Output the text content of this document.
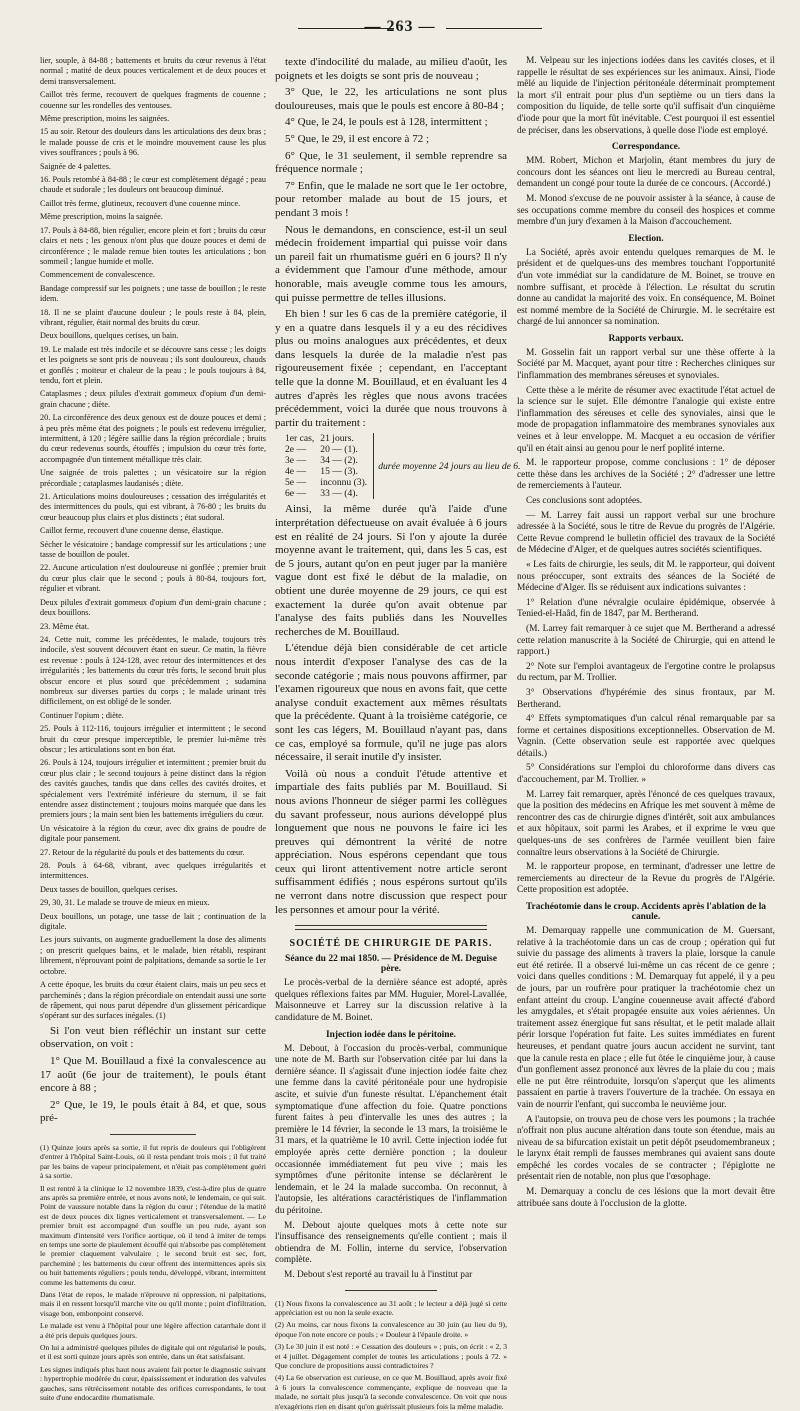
— 263 —

lier, souple, à 84-88 ; battements et bruits du cœur revenus à l'état normal ; matité de deux pouces verticalement et de deux pouces et demi transversalement.

Caillot très ferme, recouvert de quelques fragments de couenne ; couenne sur les rondelles des ventouses.

Même prescription, moins les saignées.

15 au soir. Retour des douleurs dans les articulations des deux bras ; le malade pousse de cris et le moindre mouvement cause les plus vives souffrances ; pouls à 96.

Saignée de 4 palettes.

16. Pouls retombé à 84-88 ; le cœur est complètement dégagé ; peau chaude et sudorale ; les douleurs ont beaucoup diminué.

Caillot très ferme, glutineux, recouvert d'une couenne mince.

Même prescription, moins la saignée.

17. Pouls à 84-88, bien régulier, encore plein et fort ; bruits du cœur clairs et nets ; les genoux n'ont plus que douze pouces et demi de circonférence ; le malade remue bien toutes les articulations ; bon sommeil ; langue humide et molle.

Commencement de convalescence.

Bandage compressif sur les poignets ; une tasse de bouillon ; le reste idem.

18. Il ne se plaint d'aucune douleur ; le pouls reste à 84, plein, vibrant, régulier, était normal des bruits du cœur.

Deux bouillons, quelques cerises, un bain.

19. Le malade est très indocile et se découvre sans cesse ; les doigts et les poignets se sont pris de nouveau ; ils sont douloureux, chauds et gonflés ; moiteur et chaleur de la peau ; le pouls toujours à 84, tendu, fort et plein.

Cataplasmes ; deux pilules d'extrait gommeux d'opium d'un demi-grain chacune ; diète.

20. La circonférence des deux genoux est de douze pouces et demi ; à peu près même état des poignets ; le pouls est redevenu irrégulier, intermittent, à 120 ; légère saillie dans la région précordiale ; bruits du cœur redevenus sourds, étouffés ; impulsion du cœur très forte, accompagnée d'un tintement métallique très clair.

Une saignée de trois palettes ; un vésicatoire sur la région précordiale ; cataplasmes laudanisés ; diète.

21. Articulations moins douloureuses ; cessation des irrégularités et des intermittences du pouls, qui est vibrant, à 76-80 ; les bruits du cœur beaucoup plus clairs et plus distincts ; état sudoral.

Caillot ferme, recouvert d'une couenne dense, élastique.

Sécher le vésicatoire ; bandage compressif sur les articulations ; une tasse de bouillon de poulet.

22. Aucune articulation n'est douloureuse ni gonflée ; premier bruit du cœur plus clair que le second ; pouls à 80-84, toujours fort, régulier et vibrant.

Deux pilules d'extrait gommeux d'opium d'un demi-grain chacune ; deux bouillons.

23. Même état.

24. Cette nuit, comme les précédentes, le malade, toujours très indocile, s'est souvent découvert étant en sueur. Ce matin, la fièvre est revenue : pouls à 124-128, avec retour des intermittences et des irrégularités ; les battements du cœur très forts, le second bruit plus obscur encore et plus sourd que précédemment ; sudamina nombreux sur diverses parties du corps ; le malade urinant très difficilement, on est obligé de le sonder.

Continuer l'opium ; diète.

25. Pouls à 112-116, toujours irrégulier et intermittent ; le second bruit du cœur presque imperceptible, le premier lui-même très obscur ; les articulations sont en bon état.

26. Pouls à 124, toujours irrégulier et intermittent ; premier bruit du cœur plus clair ; le second toujours à peine distinct dans la région des cavités gauches, tandis que dans celles des cavités droites, et spécialement vers l'extrémité inférieure du sternum, il se fait entendre assez distinctement ; toujours moins marquée que dans les premiers jours ; la main sent bien les battements irréguliers du cœur.

Un vésicatoire à la région du cœur, avec dix grains de poudre de digitale pour pansement.

27. Retour de la régularité du pouls et des battements du cœur.

28. Pouls à 64-68, vibrant, avec quelques irrégularités et intermittences.

Deux tasses de bouillon, quelques cerises.

29, 30, 31. Le malade se trouve de mieux en mieux.

Deux bouillons, un potage, une tasse de lait ; continuation de la digitale.

Les jours suivants, on augmente graduellement la dose des aliments ; on prescrit quelques bains, et le malade, bien rétabli, respirant librement, n'éprouvant point de palpitations, demande sa sortie le 1er octobre.

A cette époque, les bruits du cœur étaient clairs, mais un peu secs et parcheminés ; dans la région précordiale on entendait aussi une sorte de râpement, qui nous parut dépendre d'un glissement péricardique s'opérant sur des surfaces inégales. (1)

Si l'on veut bien réfléchir un instant sur cette observation, on voit :

1° Que M. Bouillaud a fixé la convalescence au 17 août (6e jour de traitement), le pouls étant encore à 88 ;

2° Que, le 19, le pouls était à 84, et que, sous pré-

(1) Quinze jours après sa sortie, il fut repris de douleurs qui l'obligèrent d'entrer à l'hôpital Saint-Louis, où il resta pendant trois mois ; il fut traité par les bains de vapeur principalement, et n'était pas complètement guéri à sa sortie.

Il est rentré à la clinique le 12 novembre 1839, c'est-à-dire plus de quatre ans après sa première entrée, et nous avons noté, le lendemain, ce qui suit. Point de vaussure notable dans la région du cœur ; l'étendue de la matité est de deux pouces dix lignes verticalement et transversalement. — Le premier bruit est accompagné d'un souffle un peu rude, ayant son maximum d'intensité vers l'orifice aortique, où il tend à imiter de temps en temps une sorte de piaulement écouffé qui n'absorbe pas complètement le premier claquement valvulaire ; le second bruit est sec, fort, parcheminé ; les battements du cœur offrent des intermittences après six ou huit battements réguliers ; pouls tendu, développé, vibrant, intermittent comme les battements du cœur.

Dans l'état de repos, le malade n'éprouve ni oppression, ni palpitations, mais il en ressent lorsqu'il marche vite ou qu'il monte ; point d'infiltration, visage bon, embonpoint conservé.

Le malade est venu à l'hôpital pour une légère affection catarrhale dont il a été pris depuis quelques jours.

On lui a administré quelques pilules de digitale qui ont régularisé le pouls, et il est sorti quinze jours après son entrée, dans un état satisfaisant.

Les signes indiqués plus haut nous avaient fait porter le diagnostic suivant : hypertrophie modérée du cœur, épaississement et induration des valvules gauches, sans rétrécissement notable des orifices correspondants, le tout suite d'une endocardite rhumatismale.

texte d'indocilité du malade, au milieu d'août, les poignets et les doigts se sont pris de nouveau ;

3° Que, le 22, les articulations ne sont plus douloureuses, mais que le pouls est encore à 80-84 ;

4° Que, le 24, le pouls est à 128, intermittent ;

5° Que, le 29, il est encore à 72 ;

6° Que, le 31 seulement, il semble reprendre sa fréquence normale ;

7° Enfin, que le malade ne sort que le 1er octobre, pour retomber malade au bout de 15 jours, et pendant 3 mois !

Nous le demandons, en conscience, est-il un seul médecin froidement impartial qui puisse voir dans un pareil fait un rhumatisme guéri en 6 jours? Il n'y a évidemment que l'amour d'une méthode, amour honorable, mais aveugle comme tous les amours, qui puisse permettre de telles illusions.

Eh bien ! sur les 6 cas de la première catégorie, il y en a quatre dans lesquels il y a eu des récidives plus ou moins analogues aux précédentes, et deux dans lesquels la durée de la maladie n'est pas rigoureusement fixée ; cependant, en l'acceptant telle que la donne M. Bouillaud, et en évaluant les 4 autres d'après les règles que nous avons tracées précédemment, voici la durée que nous trouvons à partir du traitement :

1er cas,	21 jours.	durée moyenne 24 jours au lieu de 6.
2e —	20 — (1).	
3e —	34 — (2).	
4e —	15 — (3).	
5e —	inconnu (3).	
6e —	33 — (4).	

Ainsi, la même durée qu'à l'aide d'une interprétation défectueuse on avait évaluée à 6 jours est en réalité de 24 jours. Si l'on y ajoute la durée moyenne avant le traitement, qui, dans les 5 cas, est de 5 jours, autant qu'on en peut juger par la manière vague dont est fixé le début de la maladie, on obtient une durée moyenne de 29 jours, ce qui est exactement la durée qu'on avait obtenue par l'analyse des faits publiés dans les Nouvelles recherches de M. Bouillaud.

L'étendue déjà bien considérable de cet article nous interdit d'exposer l'analyse des cas de la seconde catégorie ; mais nous pouvons affirmer, par l'examen rigoureux que nous en avons fait, que cette analyse conduit exactement aux mêmes résultats que la précédente. Quant à la troisième catégorie, ce sont les cas légers, M. Bouillaud n'ayant pas, dans ce cas, employé sa formule, qu'il ne juge pas alors nécessaire, il serait inutile d'y insister.

Voilà où nous a conduit l'étude attentive et impartiale des faits publiés par M. Bouillaud. Si nous avions l'honneur de siéger parmi les collègues du savant professeur, nous aurions développé plus longuement que nous ne pouvons le faire ici les preuves qui démontrent la vérité de notre appréciation. Nous espérons cependant que tous ceux qui liront attentivement notre article seront suffisamment édifiés ; nous espérons surtout qu'ils ne verront dans notre discussion que respect pour les personnes et amour pour la vérité.

SOCIÉTÉ DE CHIRURGIE DE PARIS.
Séance du 22 mai 1850. — Présidence de M. Deguise père.

Le procès-verbal de la dernière séance est adopté, après quelques réflexions faites par MM. Huguier, Morel-Lavallée, Maisonneuve et Larrey sur la discussion relative à la candidature de M. Boinet.

Injection iodée dans le péritoine.

M. Debout, à l'occasion du procès-verbal, communique une note de M. Barth sur l'observation citée par lui dans la dernière séance. Il s'agissait d'une injection iodée faite chez une femme dans la cavité péritonéale pour une hydropisie ascite, et suivie d'un funeste résultat. L'épanchement était symptomatique d'une affection du foie. Quatre ponctions furent faites à peu d'intervalle les unes des autres ; la première le 14 février, la seconde le 13 mars, la troisième le 31 mars, et la quatrième le 10 avril. Cette injection iodée fut employée après cette dernière ponction ; la douleur occasionnée immédiatement fut peu vive ; mais les symptômes d'une péritonite intense se déclarèrent le lendemain, et le 24 la malade succomba. On reconnut, à l'autopsie, les altérations caractéristiques de l'inflammation du péritoine.

M. Debout ajoute quelques mots à cette note sur l'insuffisance des renseignements qu'elle contient ; mais il obtiendra de M. Follin, interne du service, l'observation complète.

M. Debout s'est reporté au travail lu à l'institut par

(1) Nous fixons la convalescence au 31 août ; le lecteur a déjà jugé si cette appréciation est ou non la seule exacte.

(2) Au moins, car nous fixons la convalescence au 30 juin (au lieu du 9), époque l'on note encore ce pouls ; « Douleur à l'épaule droite. »

(3) Le 30 juin il est noté : « Cessation des douleurs » ; puis, on écrit : « 2, 3 et 4 juillet. Dégagement complet de toutes les articulations ; pouls à 72. » Que conclure de propositions aussi contradictoires ?

(4) La 6e observation est curieuse, en ce que M. Bouillaud, après avoir fixé à 6 jours la convalescence commençante, explique de nouveau que la malade, ne sortait plus jusqu'à la seconde convalescence. On voit que nous n'exagérions rien en disant qu'on guérissait plusieurs fois la même maladie.

M. Velpeau sur les injections iodées dans les cavités closes, et il rappelle le résultat de ses expériences sur les animaux. Ainsi, l'iode mêlé au liquide de l'injection péritonéale déterminait promptement la mort s'il entrait pour plus d'un septième ou un tiers dans la composition du liquide, de telle sorte qu'il suffisait d'un cinquième d'iode pour que la mort fût inévitable. C'est pourquoi il est essentiel de préciser, dans les observations, à quelle dose l'iode est employé.

Correspondance.

MM. Robert, Michon et Marjolin, étant membres du jury de concours dont les séances ont lieu le mercredi au Bureau central, demandent un congé pour toute la durée de ce concours. (Accordé.)

M. Monod s'excuse de ne pouvoir assister à la séance, à cause de ses occupations comme membre du conseil des hospices et comme membre d'un jury d'examen à la Maison d'accouchement.

Election.

La Société, après avoir entendu quelques remarques de M. le président et de quelques-uns des membres touchant l'opportunité d'un vote immédiat sur la candidature de M. Boinet, se trouve en nombre suffisant, et procède à l'élection. Le résultat du scrutin donne au candidat la majorité des voix. En conséquence, M. Boinet est nommé membre de la Société de Chirurgie. M. le secrétaire est chargé de lui annoncer sa nomination.

Rapports verbaux.

M. Gosselin fait un rapport verbal sur une thèse offerte à la Société par M. Macquet, ayant pour titre : Recherches cliniques sur l'inflammation des membranes séreuses et synoviales.

Cette thèse a le mérite de résumer avec exactitude l'état actuel de la science sur le sujet. Elle démontre l'analogie qui existe entre l'inflammation des séreuses et celle des synoviales, ainsi que le mode de propagation inflammatoire des membranes synoviales aux veines et à leur enveloppe. M. Macquet a eu occasion de vérifier qu'il en était ainsi au genou pour le nerf poplité interne.

M. le rapporteur propose, comme conclusions : 1° de déposer cette thèse dans les archives de la Société ; 2° d'adresser une lettre de remerciements à l'auteur.

Ces conclusions sont adoptées.

— M. Larrey fait aussi un rapport verbal sur une brochure adressée à la Société, sous le titre de Revue du progrès de l'Algérie. Cette Revue comprend le bulletin officiel des travaux de la Société de Médecine d'Alger, et de quelques autres sociétés scientifiques.

« Les faits de chirurgie, les seuls, dit M. le rapporteur, qui doivent nous préoccuper, sont extraits des séances de la Société de Médecine d'Alger. Ils se réduisent aux indications suivantes :

1° Relation d'une névralgie oculaire épidémique, observée à Tenied-el-Haâd, fin de 1847, par M. Bertherand.

(M. Larrey fait remarquer à ce sujet que M. Bertherand a adressé cette relation manuscrite à la Société de Chirurgie, qui en attend le rapport.)

2° Note sur l'emploi avantageux de l'ergotine contre le prolapsus du rectum, par M. Trollier.

3° Observations d'hypérémie des sinus frontaux, par M. Bertherand.

4° Effets symptomatiques d'un calcul rénal remarquable par sa forme et certaines dispositions exceptionnelles. Observation de M. Vagnin. (Cette observation seule est rapportée avec quelques détails.)

5° Considérations sur l'emploi du chloroforme dans divers cas d'accouchement, par M. Trollier. »

M. Larrey fait remarquer, après l'énoncé de ces quelques travaux, que la position des médecins en Afrique les met souvent à même de rencontrer des cas de chirurgie dignes d'intérêt, soit aux ambulances et aux hôpitaux, soit parmi les Arabes, et il exprime le vœu que quelques-uns de ses confrères de l'armée veuillent bien faire connaître leurs observations à la Société de Chirurgie.

M. le rapporteur propose, en terminant, d'adresser une lettre de remerciements au directeur de la Revue du progrès de l'Algérie. Cette proposition est adoptée.

Trachéotomie dans le croup. Accidents après l'ablation de la canule.

M. Demarquay rappelle une communication de M. Guersant, relative à la trachéotomie dans un cas de croup ; opération qui fut suivie du passage des aliments à travers la plaie, lorsque la canule eut été retirée. Il a observé lui-même un cas récent de ce genre ; voici dans quelles conditions : M. Demarquay fut appelé, il y a peu de jours, par un roufrère pour pratiquer la trachéotomie chez un enfant atteint du croup. L'angine couenneuse avait affecté d'abord les amygdales, et s'était propagée ensuite aux voies aériennes. Un traitement assez énergique fut sans résultat, et le petit malade allait périr lorsque l'opération fut faite. Les suites immédiates en furent heureuses, et pendant quatre jours aucun accident ne survint, tant que la canule resta en place ; elle fut ôtée le cinquième jour, à cause d'un gonflement assez prononcé aux lèvres de la plaie du cou ; mais elle ne put être réintroduite, lorsqu'on s'aperçut que les aliments passaient en partie à travers l'ouverture de la trachée. On essaya en vain de nourrir l'enfant, qui succomba le neuvième jour.

A l'autopsie, on trouva peu de chose vers les poumons ; la trachée n'offrait non plus aucune altération dans toute son étendue, mais au niveau de sa bifurcation existait un petit dépôt pseudomembraneux ; le larynx était rempli de fausses membranes qui avaient sans doute empêché les cordes vocales de se contracter ; l'épiglotte ne présentait rien de notable, non plus que l'œsophage.

M. Demarquay a conclu de ces lésions que la mort devait être attribuée sans doute à l'occlusion de la glotte.
